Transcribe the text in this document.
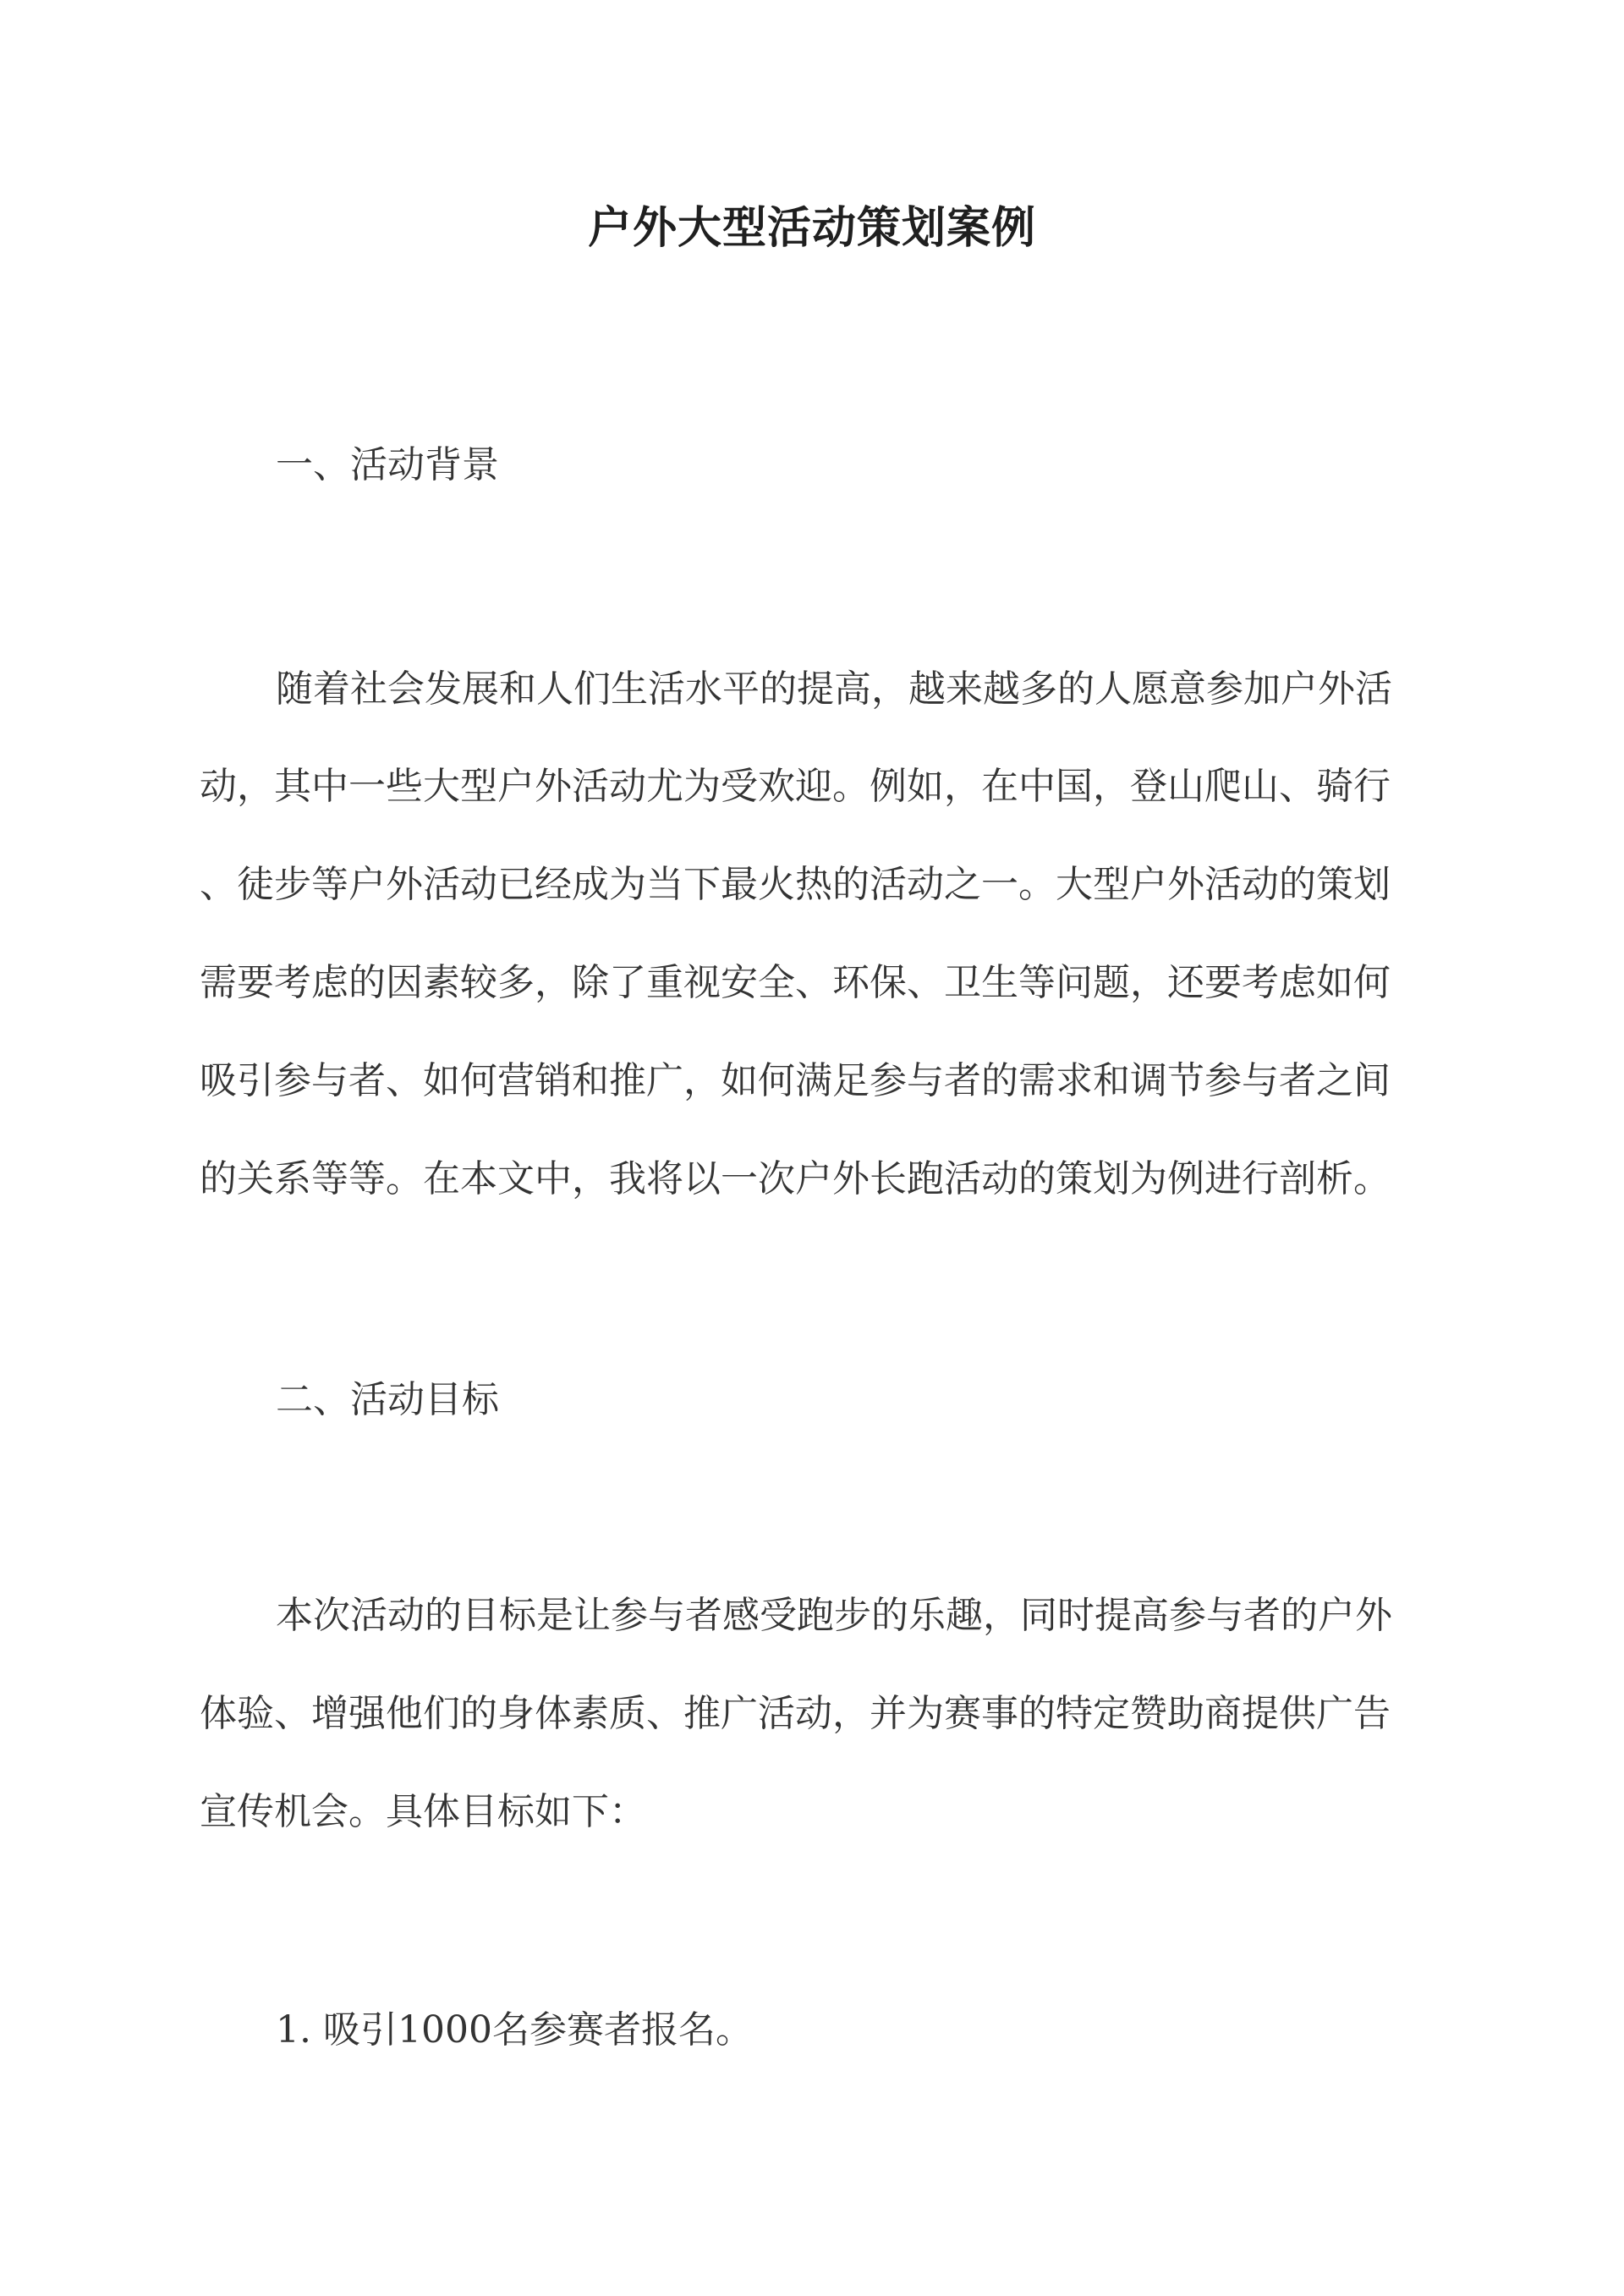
户外大型活动策划案例
一、活动背景
随着社会发展和人们生活水平的提高，越来越多的人愿意参加户外活
动，其中一些大型户外活动尤为受欢迎。例如，在中国，登山爬山、骑行
、徒步等户外活动已经成为当下最火热的活动之一。大型户外活动的策划
需要考虑的因素较多，除了重视安全、环保、卫生等问题，还要考虑如何
吸引参与者、如何营销和推广，如何满足参与者的需求和调节参与者之间
的关系等等。在本文中，我将以一次户外长跑活动的策划为例进行剖析。
二、活动目标
本次活动的目标是让参与者感受跑步的乐趣，同时提高参与者的户外
体验、增强他们的身体素质、推广活动，并为赛事的特定赞助商提供广告
宣传机会。具体目标如下：
1. 吸引1000名参赛者报名。
